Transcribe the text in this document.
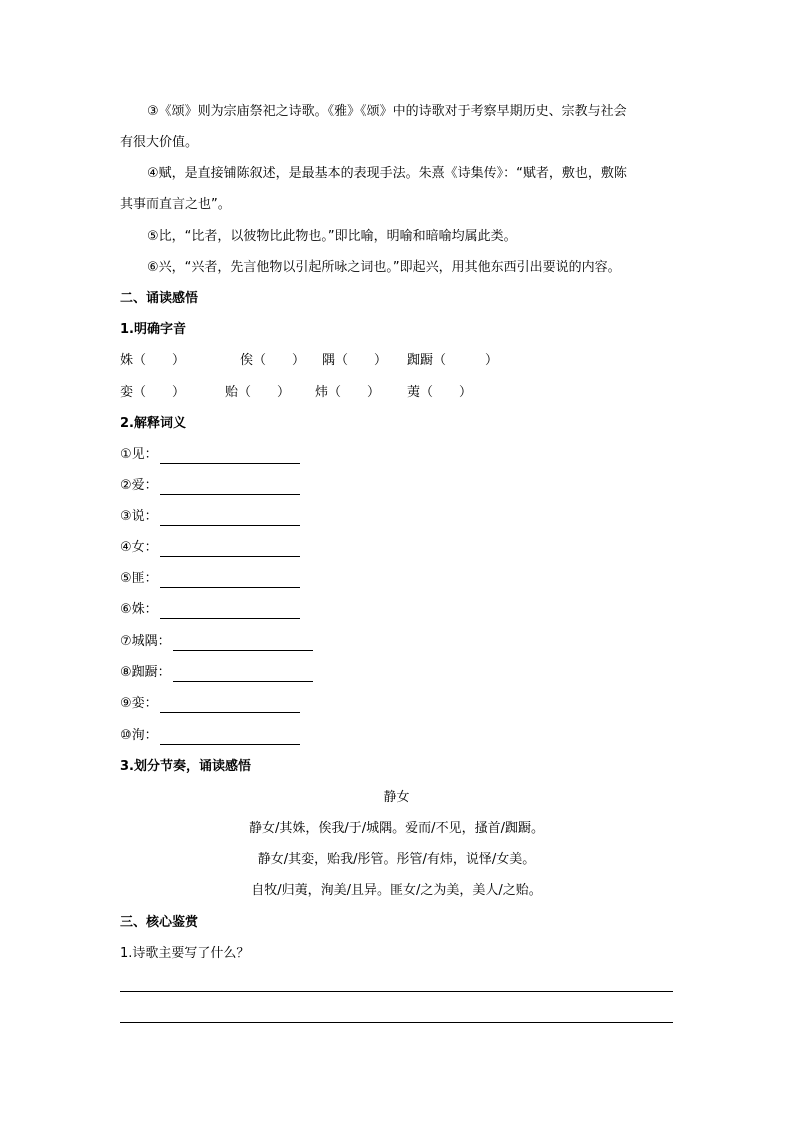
③《颂》则为宗庙祭祀之诗歌。《雅》《颂》中的诗歌对于考察早期历史、宗教与社会
有很大价值。
④赋，是直接铺陈叙述，是最基本的表现手法。朱熹《诗集传》：“赋者，敷也，敷陈
其事而直言之也”。
⑤比，“比者，以彼物比此物也。”即比喻，明喻和暗喻均属此类。
⑥兴，“兴者，先言他物以引起所咏之词也。”即起兴，用其他东西引出要说的内容。
二、诵读感悟
1.明确字音
姝（　　）	俟（　　） 隅（　　） 踟蹰（　　　）
娈（　　）	贻（　　） 炜（　　） 荑（　　）
2.解释词义
①见：
②爱：
③说：
④女：
⑤匪：
⑥姝：
⑦城隅：
⑧踟蹰：
⑨娈：
⑩洵：
3.划分节奏，诵读感悟
静女
静女/其姝，俟我/于/城隅。爱而/不见，搔首/踟蹰。
静女/其娈，贻我/彤管。彤管/有炜，说怿/女美。
自牧/归荑，洵美/且异。匪女/之为美，美人/之贻。
三、核心鉴赏
1.诗歌主要写了什么？
